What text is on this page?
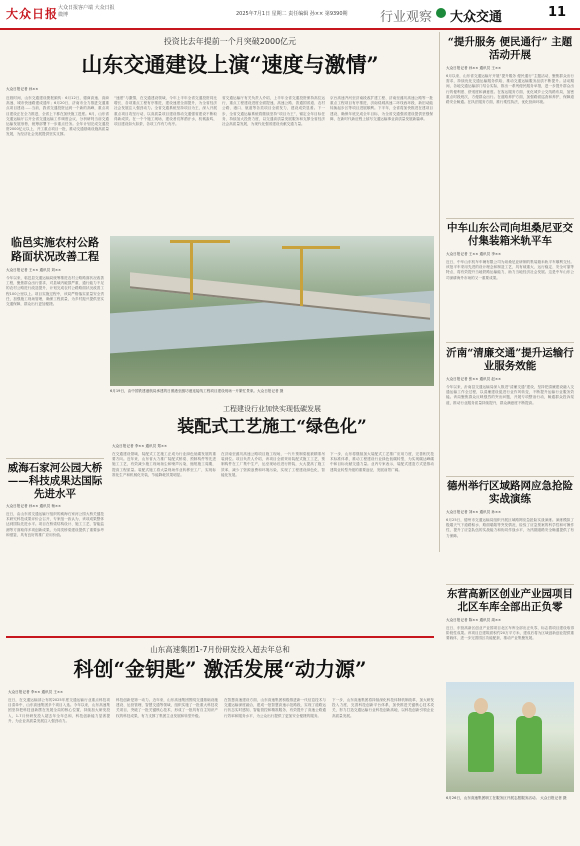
大众日报 大众日报客户端 大众日报微博	2025年7月1日 星期二 责任编辑 孙×× 第9390期 行业观察 大众交通	11
投资比去年提前一个月突破2000亿元
山东交通建设上演“速度与激情”
大众日报记者 孙××
近段时间，山东交通建设捷报频传：6月12日，德商高速、高商高速、城市快速路建成通车；6月20日，济南市全力推进交通重点项目建设……当前，我省交通投资达到一个新的高峰，重点项目建设正在全力推进，全省上下都在加快施工进度。6月，山东省交通运输厅召开全省交通运输工作调度会议，分析研判当前交通运输发展形势，统筹部署下一步重点任务。全年计划完成交通投资2000亿元以上，开工重点项目一批，推动交通基础设施高质量发展，为经济社会发展提供坚实支撑。
“速度”与激情，在交通建设领域，今年上半年全省交通投资同比增长，各项重点工程有序推进，建设速度全面提升，为全省经济社会发展注入强劲动力。全省交通系统坚持项目为王，深入开展重点项目攻坚行动，以高质量项目建设推动交通强省建设不断取得新成效。在一个个施工现场，建设者们挥洒汗水，机械轰鸣，项目建设如火如荼，各项工作有力有序。
省交通运输厅有关负责人介绍，上半年全省交通投资保持高位运行，重点工程建设进度全面提速，高速公路、普通国省道、农村公路、港口、航道等各类项目全面发力，建设成效显著。下一步，全省交通运输系统将继续坚持“项目为王”，锚定全年目标任务，持续加大投资力度，以交通高质量发展服务和支撑全省经济社会高质量发展，为现代化强省建设贡献交通力量。
京台高速齐河至济南段改扩建工程、济南至潍坊高速公路等一批重点工程项目有序推进，济南绕城高速二环线西环段、新旧动能转换起步区等项目进展顺利。下半年，全省将加快推进在建项目建设，确保年底完成全年目标，为全省交通强省建设提供坚强保障，在新时代新征程上续写交通运输事业高质量发展新篇章。
“提升服务 便民通行” 主题活动开展
大众日报记者 孙×× 通讯员 王××
6月以来，山东省交通运输厅开展“提升服务 便民通行”主题活动，聚焦群众出行需求，持续优化交通运输服务供给，推动交通运输服务品质不断提升。活动期间，各地交通运输部门结合实际，推出一系列便民服务举措，进一步提升群众出行的便利度、舒适度和满意度。在客运服务方面，优化城乡公交线路布局，加密重点时段班次，方便群众出行。在道路养护方面，加强路面巡查和养护，保障道路安全畅通。在执法服务方面，推行柔性执法，优化营商环境。
中车山东公司向坦桑尼亚交付集装箱米轨平车
大众日报记者 王×× 通讯员 李××
近日，中车山东机车车辆有限公司为坦桑尼亚研制的集装箱米轨平车顺利交付。该批平车采用先进的设计理念和制造工艺，具有载重大、运行稳定、安全可靠等特点，将有效提升当地铁路运输能力，助力当地经济社会发展。这是中车山东公司深耕海外市场的又一重要成果。
沂南“清廉交通”提升运输行业服务效能
大众日报记者 张×× 通讯员 赵××
今年以来，沂南县交通运输局深入推进“清廉交通”建设，坚持把清廉建设融入交通运输工作全过程，以清廉建设促进行业作风转变，不断提升运输行业服务效能。该局聚焦群众反映强烈的突出问题，开展专项整治行动，畅通群众投诉渠道，推动行业服务质量持续提升，群众满意度不断提高。
德州举行区域路网应急抢险实战演练
大众日报记者 刘×× 通讯员 孙××
6月25日，德州市交通运输局组织开展区域路网应急抢险实战演练。演练模拟了极端天气下道路积水、路面塌陷等突发情况，检验了应急预案的科学性和可操作性，提升了应急队伍的实战能力和协同作战水平，为汛期道路安全畅通提供了有力保障。
东营高新区创业产业园项目北区车库全部出正负零
大众日报记者 陈×× 通讯员 周××
近日，东营高新区创业产业园项目北区车库全部出正负零，标志着项目建设取得阶段性成果。该项目总建筑面积约20万平方米，建成后将为区域创新创业提供重要载体，进一步完善园区功能配套，推动产业集聚发展。
6月26日，山东高速集团职工在服务区开展志愿服务活动。 大众日报记者 摄
临邑实施农村公路路面状况改善工程
大众日报记者 王×× 通讯员 刘××
今年以来，临邑县交通运输局统筹推进农村公路路面状况改善工程，聚焦群众出行需求，对县域内破损严重、通行能力不足的农村公路进行改造提升，计划完成农村公路路面状况改善工程100公里以上。项目实施过程中，该局严格落实质量安全责任，加强施工现场管理，确保工程质量，为乡村振兴提供坚实交通保障，群众出行更加便捷。
威海石家河公园大桥——科技成果达国际先进水平
大众日报记者 孙×× 通讯员 杨××
近日，由山东省交通运输厅组织的威海石家河公园大桥关键技术研究科技成果评价会召开，专家组一致认为，该项成果整体达到国际先进水平。项目在桥梁结构设计、施工工艺、智能监测等方面取得多项创新成果，为同类桥梁建设提供了重要参考和借鉴，具有良好的推广应用价值。
6月19日，由中国铁建港航局承建的日照港至潍坊港连接线工程项目建设现场一片繁忙景象。大众日报记者 摄
工程建设行业加快实现低碳发展
装配式工艺施工“绿色化”
大众日报记者 李×× 通讯员 郑××
在交通建设领域，装配式工艺施工正成为行业绿色低碳发展的重要方向。近年来，山东省大力推广装配式桥梁、预制构件等先进施工工艺，有效减少施工现场扬尘和噪声污染，缩短施工周期，提高工程质量。装配式施工将大量现场作业转移至工厂，实现标准化生产和机械化安装，节能降耗效果明显。
在济南至潍坊高速公路项目施工现场，一片片预制梁板被精准吊装到位。项目负责人介绍，该项目全面采用装配式施工工艺，预制构件在工厂集中生产，运至现场后进行拼装，大大提高了施工效率，减少了资源浪费和环境污染，实现了工程建设绿色化、智能化发展。
下一步，山东将继续加大装配式工艺推广应用力度，完善相关技术标准体系，推动工程建设行业绿色低碳转型，为实现碳达峰碳中和目标贡献交通力量。业内专家表示，装配式建造方式是推动建筑业转型升级的重要途径，发展前景广阔。
山东高速集团1-7月份研发投入超去年总和
科创“金钥匙” 激活发展“动力源”
大众日报记者 李×× 通讯员 王××
近日，在交通运输部公布的2025年度交通运输行业重点科技项目清单中，山东高速集团多个项目入选。今年以来，山东高速集团坚持把科技创新摆在发展全局的核心位置，持续加大研发投入，1-7月份研发投入超去年全年总和，科技创新能力显著提升，为企业高质量发展注入强劲动力。
科技创新是第一动力。近年来，山东高速集团围绕交通基础设施建设、运营管理、智慧交通等领域，组织实施了一批重大科技攻关项目，突破了一批关键核心技术，形成了一批具有自主知识产权的科技成果，有力支撑了集团主业发展和转型升级。
在智慧高速建设方面，山东高速集团积极推进新一代信息技术与交通运输深度融合，建成一批智慧高速示范路段，实现了道路运行状态实时感知、智能管控和精准服务，有效提升了高速公路通行效率和服务水平，为公众出行提供了更加安全便捷的服务。
下一步，山东高速集团将持续深化科技体制机制改革，加大研发投入力度，完善科技创新平台体系，加快推进关键核心技术攻关，努力打造交通运输行业科技创新高地，以科技创新引领企业高质量发展。
